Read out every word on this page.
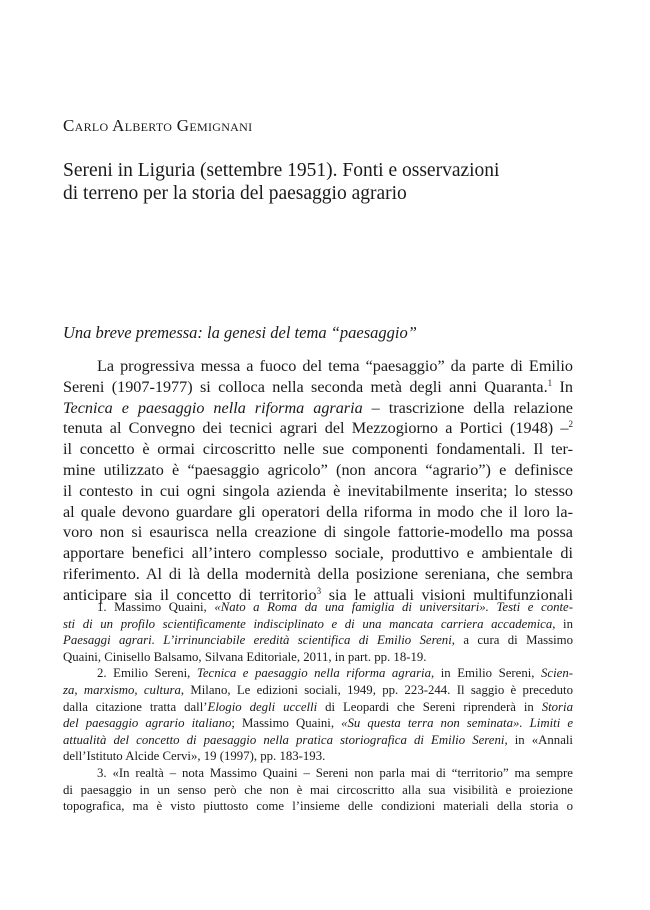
Carlo Alberto Gemignani
Sereni in Liguria (settembre 1951). Fonti e osservazioni
di terreno per la storia del paesaggio agrario
Una breve premessa: la genesi del tema “paesaggio”
La progressiva messa a fuoco del tema “paesaggio” da parte di Emilio
Sereni (1907-1977) si colloca nella seconda metà degli anni Quaranta.$^1$ In
Tecnica e paesaggio nella riforma agraria – trascrizione della relazione
tenuta al Convegno dei tecnici agrari del Mezzogiorno a Portici (1948) –$^2$
il concetto è ormai circoscritto nelle sue componenti fondamentali. Il ter-
mine utilizzato è “paesaggio agricolo” (non ancora “agrario”) e definisce
il contesto in cui ogni singola azienda è inevitabilmente inserita; lo stesso
al quale devono guardare gli operatori della riforma in modo che il loro la-
voro non si esaurisca nella creazione di singole fattorie-modello ma possa
apportare benefici all’intero complesso sociale, produttivo e ambientale di
riferimento. Al di là della modernità della posizione sereniana, che sembra
anticipare sia il concetto di territorio$^3$ sia le attuali visioni multifunzionali
1. Massimo Quaini, «Nato a Roma da una famiglia di universitari». Testi e conte-
sti di un profilo scientificamente indisciplinato e di una mancata carriera accademica, in
Paesaggi agrari. L’irrinunciabile eredità scientifica di Emilio Sereni, a cura di Massimo
Quaini, Cinisello Balsamo, Silvana Editoriale, 2011, in part. pp. 18-19.
2. Emilio Sereni, Tecnica e paesaggio nella riforma agraria, in Emilio Sereni, Scien-
za, marxismo, cultura, Milano, Le edizioni sociali, 1949, pp. 223-244. Il saggio è preceduto
dalla citazione tratta dall’Elogio degli uccelli di Leopardi che Sereni riprenderà in Storia
del paesaggio agrario italiano; Massimo Quaini, «Su questa terra non seminata». Limiti e
attualità del concetto di paesaggio nella pratica storiografica di Emilio Sereni, in «Annali
dell’Istituto Alcide Cervi», 19 (1997), pp. 183-193.
3. «In realtà – nota Massimo Quaini – Sereni non parla mai di “territorio” ma sempre
di paesaggio in un senso però che non è mai circoscritto alla sua visibilità e proiezione
topografica, ma è visto piuttosto come l’insieme delle condizioni materiali della storia o
